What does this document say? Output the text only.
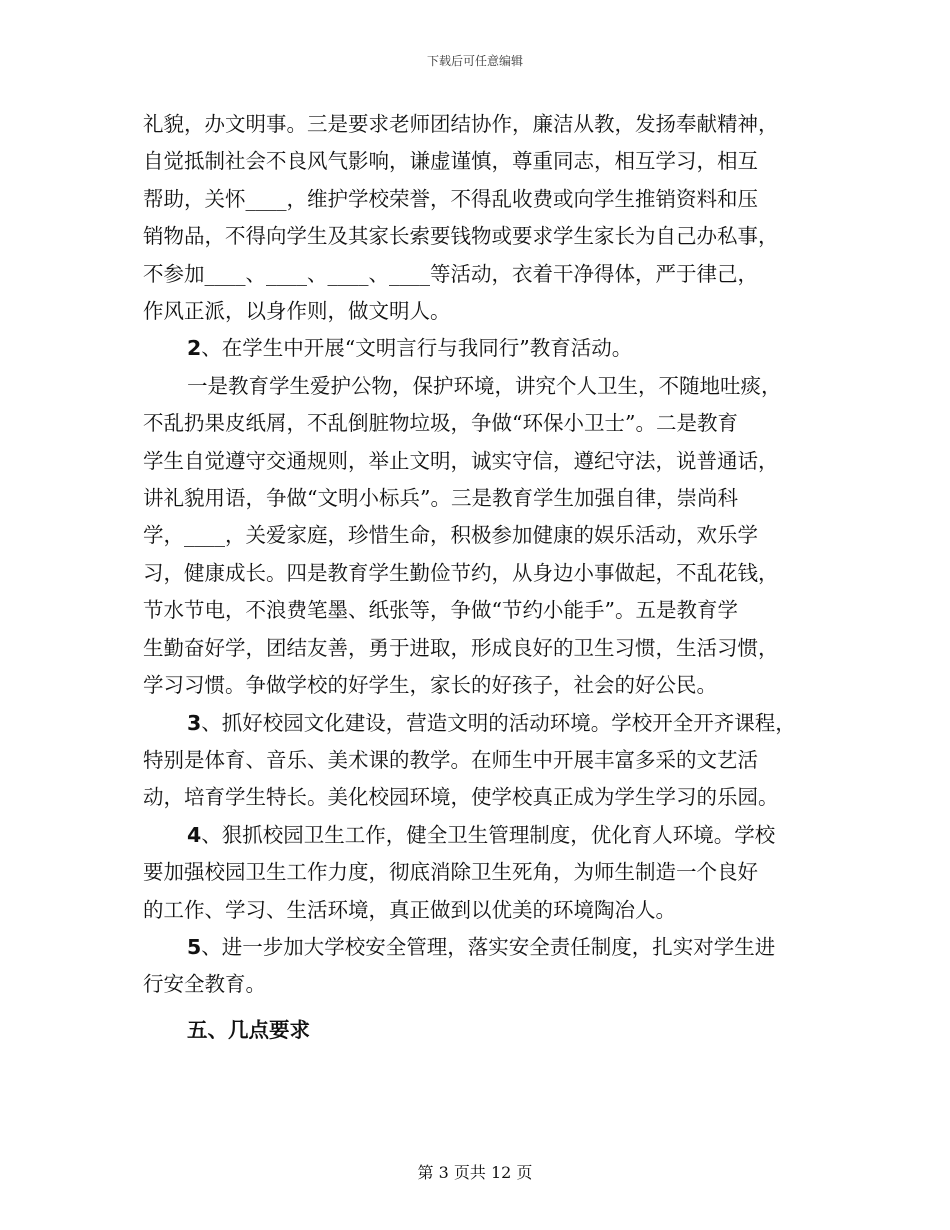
下载后可任意编辑
礼貌，办文明事。三是要求老师团结协作，廉洁从教，发扬奉献精神，
自觉抵制社会不良风气影响，谦虚谨慎，尊重同志，相互学习，相互
帮助，关怀____，维护学校荣誉，不得乱收费或向学生推销资料和压
销物品，不得向学生及其家长索要钱物或要求学生家长为自己办私事，
不参加____、____、____、____等活动，衣着干净得体，严于律己，
作风正派，以身作则，做文明人。
2、在学生中开展“文明言行与我同行”教育活动。
一是教育学生爱护公物，保护环境，讲究个人卫生，不随地吐痰，
不乱扔果皮纸屑，不乱倒脏物垃圾，争做“环保小卫士”。二是教育
学生自觉遵守交通规则，举止文明，诚实守信，遵纪守法，说普通话，
讲礼貌用语，争做“文明小标兵”。三是教育学生加强自律，崇尚科
学，____，关爱家庭，珍惜生命，积极参加健康的娱乐活动，欢乐学
习，健康成长。四是教育学生勤俭节约，从身边小事做起，不乱花钱，
节水节电，不浪费笔墨、纸张等，争做“节约小能手”。五是教育学
生勤奋好学，团结友善，勇于进取，形成良好的卫生习惯，生活习惯，
学习习惯。争做学校的好学生，家长的好孩子，社会的好公民。
3、抓好校园文化建设，营造文明的活动环境。学校开全开齐课程，
特别是体育、音乐、美术课的教学。在师生中开展丰富多采的文艺活
动，培育学生特长。美化校园环境，使学校真正成为学生学习的乐园。
4、狠抓校园卫生工作，健全卫生管理制度，优化育人环境。学校
要加强校园卫生工作力度，彻底消除卫生死角，为师生制造一个良好
的工作、学习、生活环境，真正做到以优美的环境陶冶人。
5、进一步加大学校安全管理，落实安全责任制度，扎实对学生进
行安全教育。
五、几点要求
第 3 页共 12 页
